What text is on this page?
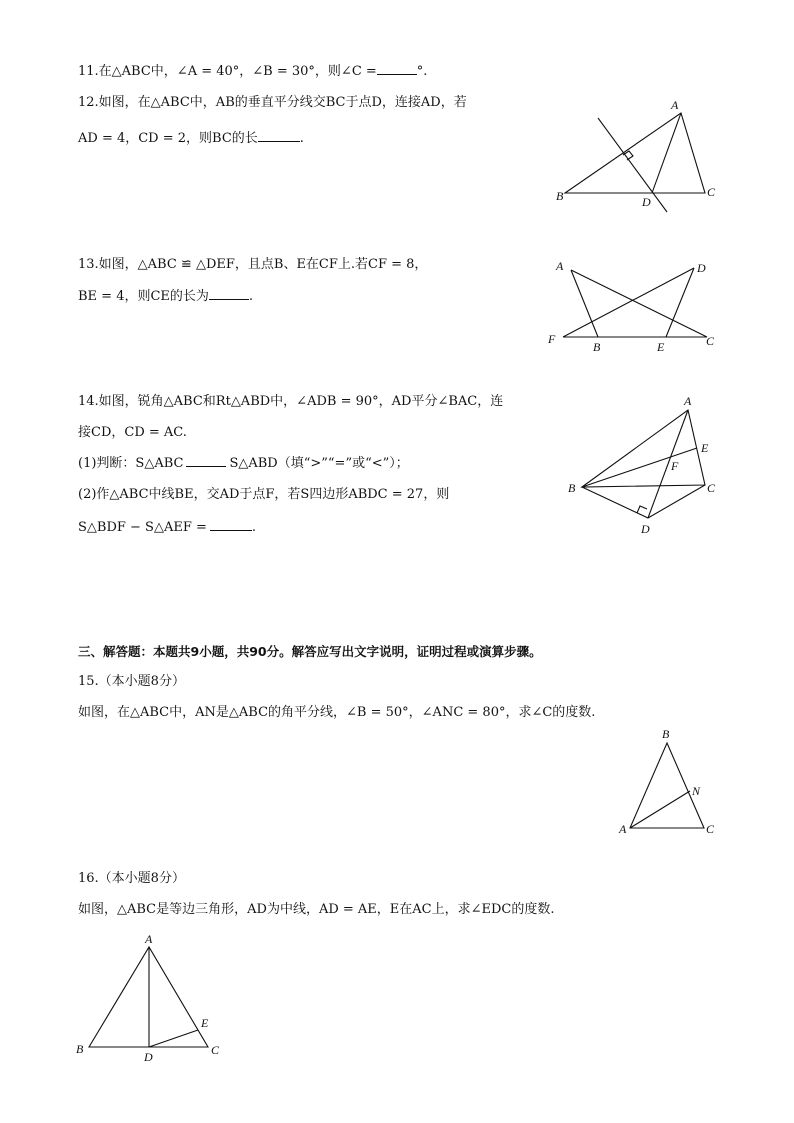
11.在△ABC中，∠A = 40°，∠B = 30°，则∠C =	°.
12.如图，在△ABC中，AB的垂直平分线交BC于点D，连接AD，若
AD = 4，CD = 2，则BC的长	.
A
B	C
D
13.如图，△ABC ≌ △DEF，且点B、E在CF上.若CF = 8，
BE = 4，则CE的长为	.
A	D
F
B	E	C
14.如图，锐角△ABC和Rt△ABD中，∠ADB = 90°，AD平分∠BAC，连
接CD，CD = AC.
(1)判断：S△ABC	S△ABD（填“>”“=”或“<”）；
(2)作△ABC中线BE，交AD于点F，若S四边形ABDC = 27，则
S△BDF − S△AEF =	.
A
E
F
B	C
D
三、解答题：本题共9小题，共90分。解答应写出文字说明，证明过程或演算步骤。
15.（本小题8分）
如图，在△ABC中，AN是△ABC的角平分线，∠B = 50°，∠ANC = 80°，求∠C的度数.
B
N
A	C
16.（本小题8分）
如图，△ABC是等边三角形，AD为中线，AD = AE，E在AC上，求∠EDC的度数.
A
E
B
D	C
